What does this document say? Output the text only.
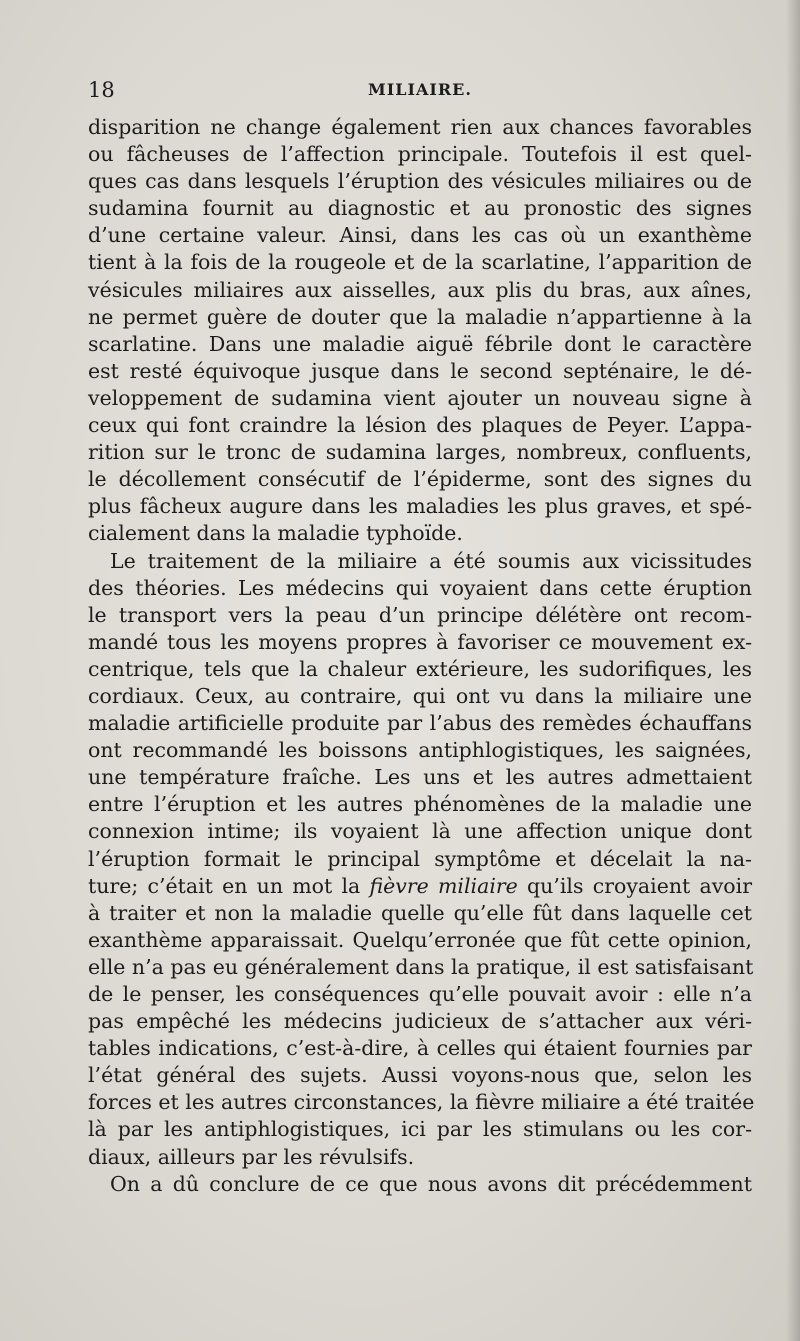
18	MILIAIRE.
disparition ne change également rien aux chances favorables
ou fâcheuses de l’affection principale. Toutefois il est quel-
ques cas dans lesquels l’éruption des vésicules miliaires ou de
sudamina fournit au diagnostic et au pronostic des signes
d’une certaine valeur. Ainsi, dans les cas où un exanthème
tient à la fois de la rougeole et de la scarlatine, l’apparition de
vésicules miliaires aux aisselles, aux plis du bras, aux aînes,
ne permet guère de douter que la maladie n’appartienne à la
scarlatine. Dans une maladie aiguë fébrile dont le caractère
est resté équivoque jusque dans le second septénaire, le dé-
veloppement de sudamina vient ajouter un nouveau signe à
ceux qui font craindre la lésion des plaques de Peyer. L’appa-
rition sur le tronc de sudamina larges, nombreux, confluents,
le décollement consécutif de l’épiderme, sont des signes du
plus fâcheux augure dans les maladies les plus graves, et spé-
cialement dans la maladie typhoïde.
Le traitement de la miliaire a été soumis aux vicissitudes
des théories. Les médecins qui voyaient dans cette éruption
le transport vers la peau d’un principe délétère ont recom-
mandé tous les moyens propres à favoriser ce mouvement ex-
centrique, tels que la chaleur extérieure, les sudorifiques, les
cordiaux. Ceux, au contraire, qui ont vu dans la miliaire une
maladie artificielle produite par l’abus des remèdes échauffans
ont recommandé les boissons antiphlogistiques, les saignées,
une température fraîche. Les uns et les autres admettaient
entre l’éruption et les autres phénomènes de la maladie une
connexion intime; ils voyaient là une affection unique dont
l’éruption formait le principal symptôme et décelait la na-
ture; c’était en un mot la fièvre miliaire qu’ils croyaient avoir
à traiter et non la maladie quelle qu’elle fût dans laquelle cet
exanthème apparaissait. Quelqu’erronée que fût cette opinion,
elle n’a pas eu généralement dans la pratique, il est satisfaisant
de le penser, les conséquences qu’elle pouvait avoir : elle n’a
pas empêché les médecins judicieux de s’attacher aux véri-
tables indications, c’est-à-dire, à celles qui étaient fournies par
l’état général des sujets. Aussi voyons-nous que, selon les
forces et les autres circonstances, la fièvre miliaire a été traitée
là par les antiphlogistiques, ici par les stimulans ou les cor-
diaux, ailleurs par les révulsifs.
On a dû conclure de ce que nous avons dit précédemment
